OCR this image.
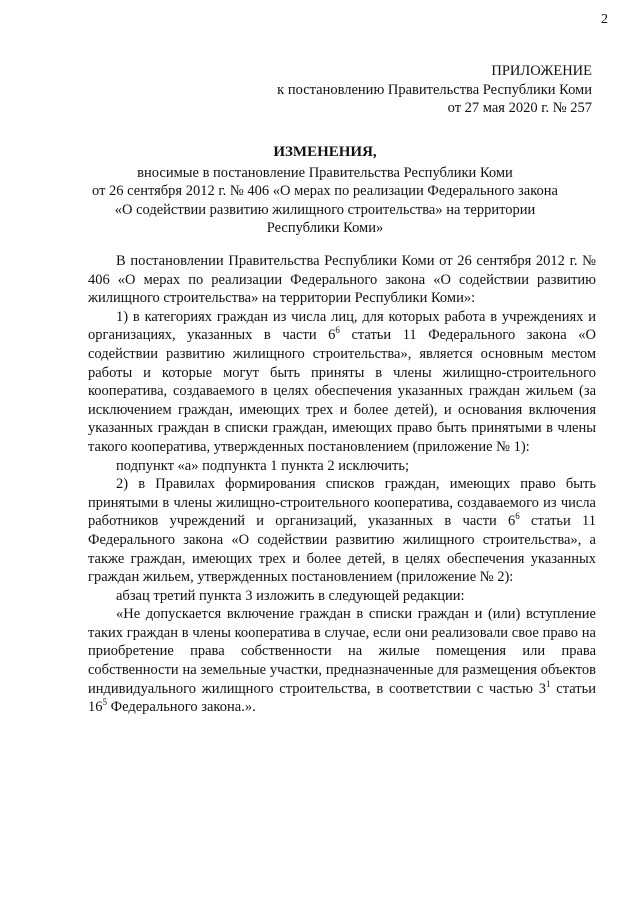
2
ПРИЛОЖЕНИЕ
к постановлению Правительства Республики Коми
от 27 мая 2020 г. № 257
ИЗМЕНЕНИЯ,
вносимые в постановление Правительства Республики Коми
от 26 сентября 2012 г. № 406 «О мерах по реализации Федерального закона
«О содействии развитию жилищного строительства» на территории
Республики Коми»

В постановлении Правительства Республики Коми от 26 сентября 2012 г. № 406 «О мерах по реализации Федерального закона «О содействии развитию жилищного строительства» на территории Республики Коми»:

1) в категориях граждан из числа лиц, для которых работа в учреждениях и организациях, указанных в части $6^6$ статьи 11 Федерального закона «О содействии развитию жилищного строительства», является основным местом работы и которые могут быть приняты в члены жилищно-строительного кооператива, создаваемого в целях обеспечения указанных граждан жильем (за исключением граждан, имеющих трех и более детей), и основания включения указанных граждан в списки граждан, имеющих право быть принятыми в члены такого кооператива, утвержденных постановлением (приложение № 1):

подпункт «а» подпункта 1 пункта 2 исключить;

2) в Правилах формирования списков граждан, имеющих право быть принятыми в члены жилищно-строительного кооператива, создаваемого из числа работников учреждений и организаций, указанных в части $6^6$ статьи 11 Федерального закона «О содействии развитию жилищного строительства», а также граждан, имеющих трех и более детей, в целях обеспечения указанных граждан жильем, утвержденных постановлением (приложение № 2):

абзац третий пункта 3 изложить в следующей редакции:

«Не допускается включение граждан в списки граждан и (или) вступление таких граждан в члены кооператива в случае, если они реализовали свое право на приобретение права собственности на жилые помещения или права собственности на земельные участки, предназначенные для размещения объектов индивидуального жилищного строительства, в соответствии с частью $3^1$ статьи $16^5$ Федерального закона.».
